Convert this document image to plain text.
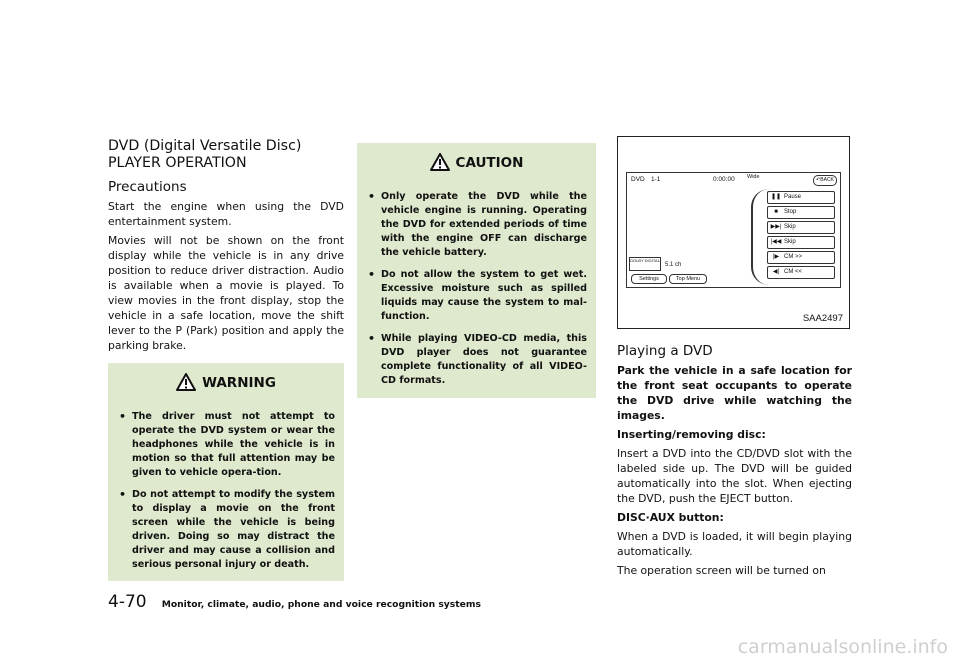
DVD (Digital Versatile Disc) PLAYER OPERATION
Precautions
Start the engine when using the DVD entertainment system.
Movies will not be shown on the front display while the vehicle is in any drive position to reduce driver distraction. Audio is available when a movie is played. To view movies in the front display, stop the vehicle in a safe location, move the shift lever to the P (Park) position and apply the parking brake.
WARNING
• The driver must not attempt to operate the DVD system or wear the headphones while the vehicle is in motion so that full attention may be given to vehicle opera-tion.
• Do not attempt to modify the system to display a movie on the front screen while the vehicle is being driven. Doing so may distract the driver and may cause a collision and serious personal injury or death.
CAUTION
• Only operate the DVD while the vehicle engine is running. Operating the DVD for extended periods of time with the engine OFF can discharge the vehicle battery.
• Do not allow the system to get wet. Excessive moisture such as spilled liquids may cause the system to mal-function.
• While playing VIDEO-CD media, this DVD player does not guarantee complete functionality of all VIDEO-CD formats.
DVD 1-1	0:00:00 Wide	↶BACK
❚❚ Pause
■ Stop
▶▶| Skip
|◀◀ Skip
|▶ CM >>
◀| CM <<
DOLBY DIGITAL
5.1 ch
Settings	Top Menu
SAA2497
Playing a DVD
Park the vehicle in a safe location for the front seat occupants to operate the DVD drive while watching the images.
Inserting/removing disc:
Insert a DVD into the CD/DVD slot with the labeled side up. The DVD will be guided automatically into the slot. When ejecting the DVD, push the EJECT button.
DISC·AUX button:
When a DVD is loaded, it will begin playing automatically.
The operation screen will be turned on
4-70 Monitor, climate, audio, phone and voice recognition systems
carmanualsonline.info
